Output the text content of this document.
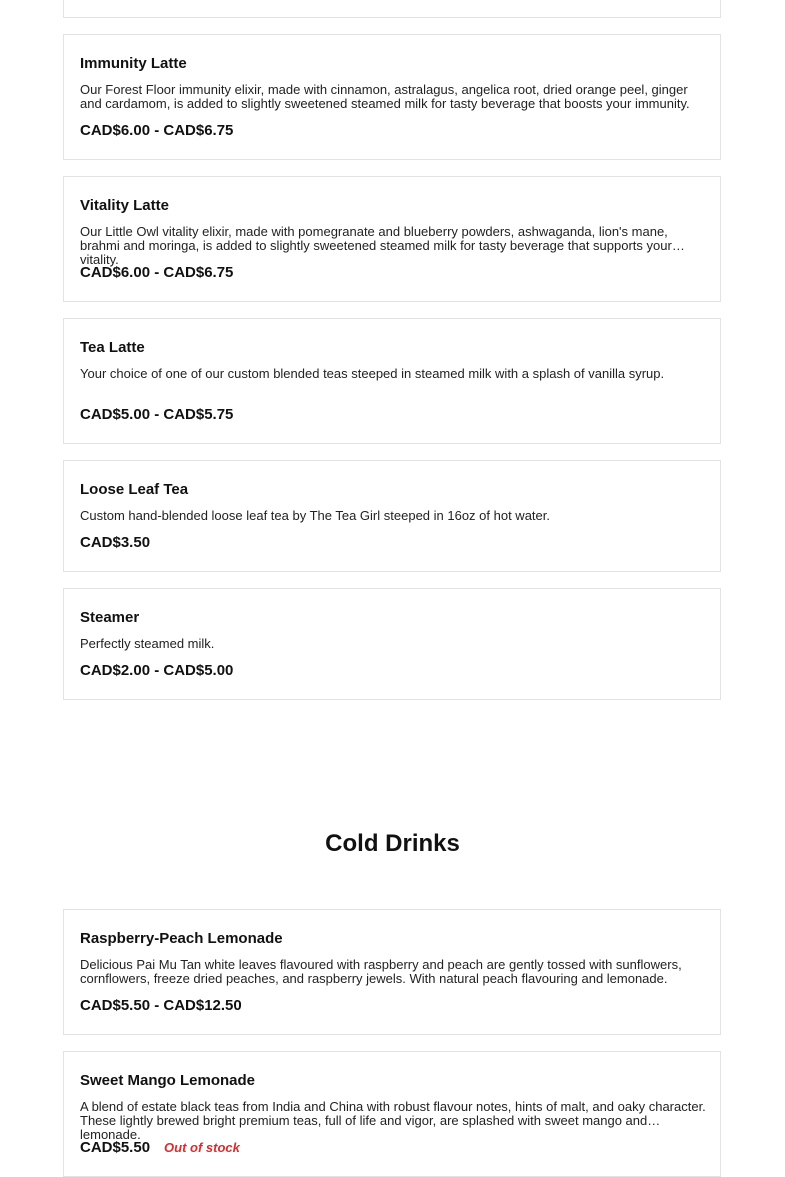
Immunity Latte

Our Forest Floor immunity elixir, made with cinnamon, astralagus, angelica root, dried orange peel, ginger and cardamom, is added to slightly sweetened steamed milk for tasty beverage that boosts your immunity.

CAD$6.00 - CAD$6.75
Vitality Latte

Our Little Owl vitality elixir, made with pomegranate and blueberry powders, ashwaganda, lion's mane, brahmi and moringa, is added to slightly sweetened steamed milk for tasty beverage that supports your vitality.

CAD$6.00 - CAD$6.75
Tea Latte

Your choice of one of our custom blended teas steeped in steamed milk with a splash of vanilla syrup.

CAD$5.00 - CAD$5.75
Loose Leaf Tea

Custom hand-blended loose leaf tea by The Tea Girl steeped in 16oz of hot water.

CAD$3.50
Steamer

Perfectly steamed milk.

CAD$2.00 - CAD$5.00
Cold Drinks
Raspberry-Peach Lemonade

Delicious Pai Mu Tan white leaves flavoured with raspberry and peach are gently tossed with sunflowers, cornflowers, freeze dried peaches, and raspberry jewels. With natural peach flavouring and lemonade.

CAD$5.50 - CAD$12.50
Sweet Mango Lemonade

A blend of estate black teas from India and China with robust flavour notes, hints of malt, and oaky character. These lightly brewed bright premium teas, full of life and vigor, are splashed with sweet mango and lemonade.

CAD$5.50 Out of stock
